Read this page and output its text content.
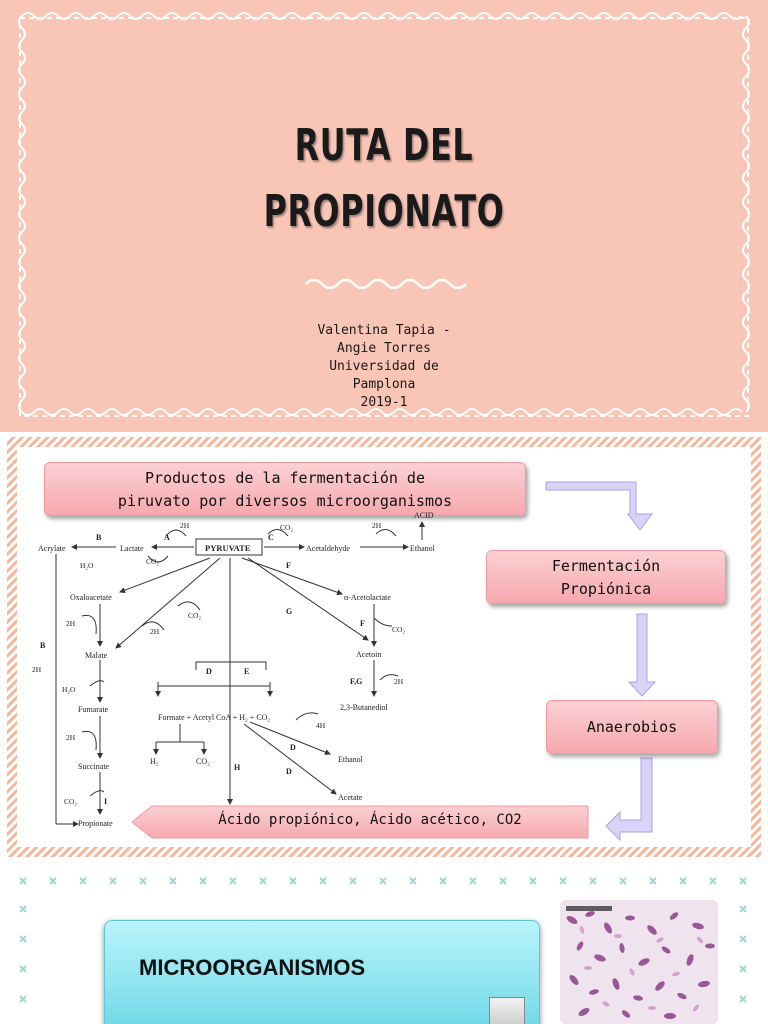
RUTA DEL
PROPIONATO
Valentina Tapia -
Angie Torres
Universidad de
Pamplona
2019-1
Productos de la fermentación de
piruvato por diversos microorganismos
Fermentación
Propiónica
Anaerobios
Ácido propiónico, Ácido acético, CO2
PYRUVATE
Lactate
Acrylate	Acetaldehyde	Ethanol
ACID
Oxaloacetate	α-Acetolactate
Malate	Acetoin
Fumarate	2,3-Butanediol
Succinate
Propionate
Formate + Acetyl CoA + H₂ + CO₂
H₂	CO₂	Ethanol
Acetate
2H	2H
2H
2H
2H
2H
2H
4H
H₂O
H₂O
CO₂
CO₂
CO₂
CO₂
CO₂
A
B
B
C
D	E
F
F
G
F,G
H
D
D
I
MICROORGANISMOS
